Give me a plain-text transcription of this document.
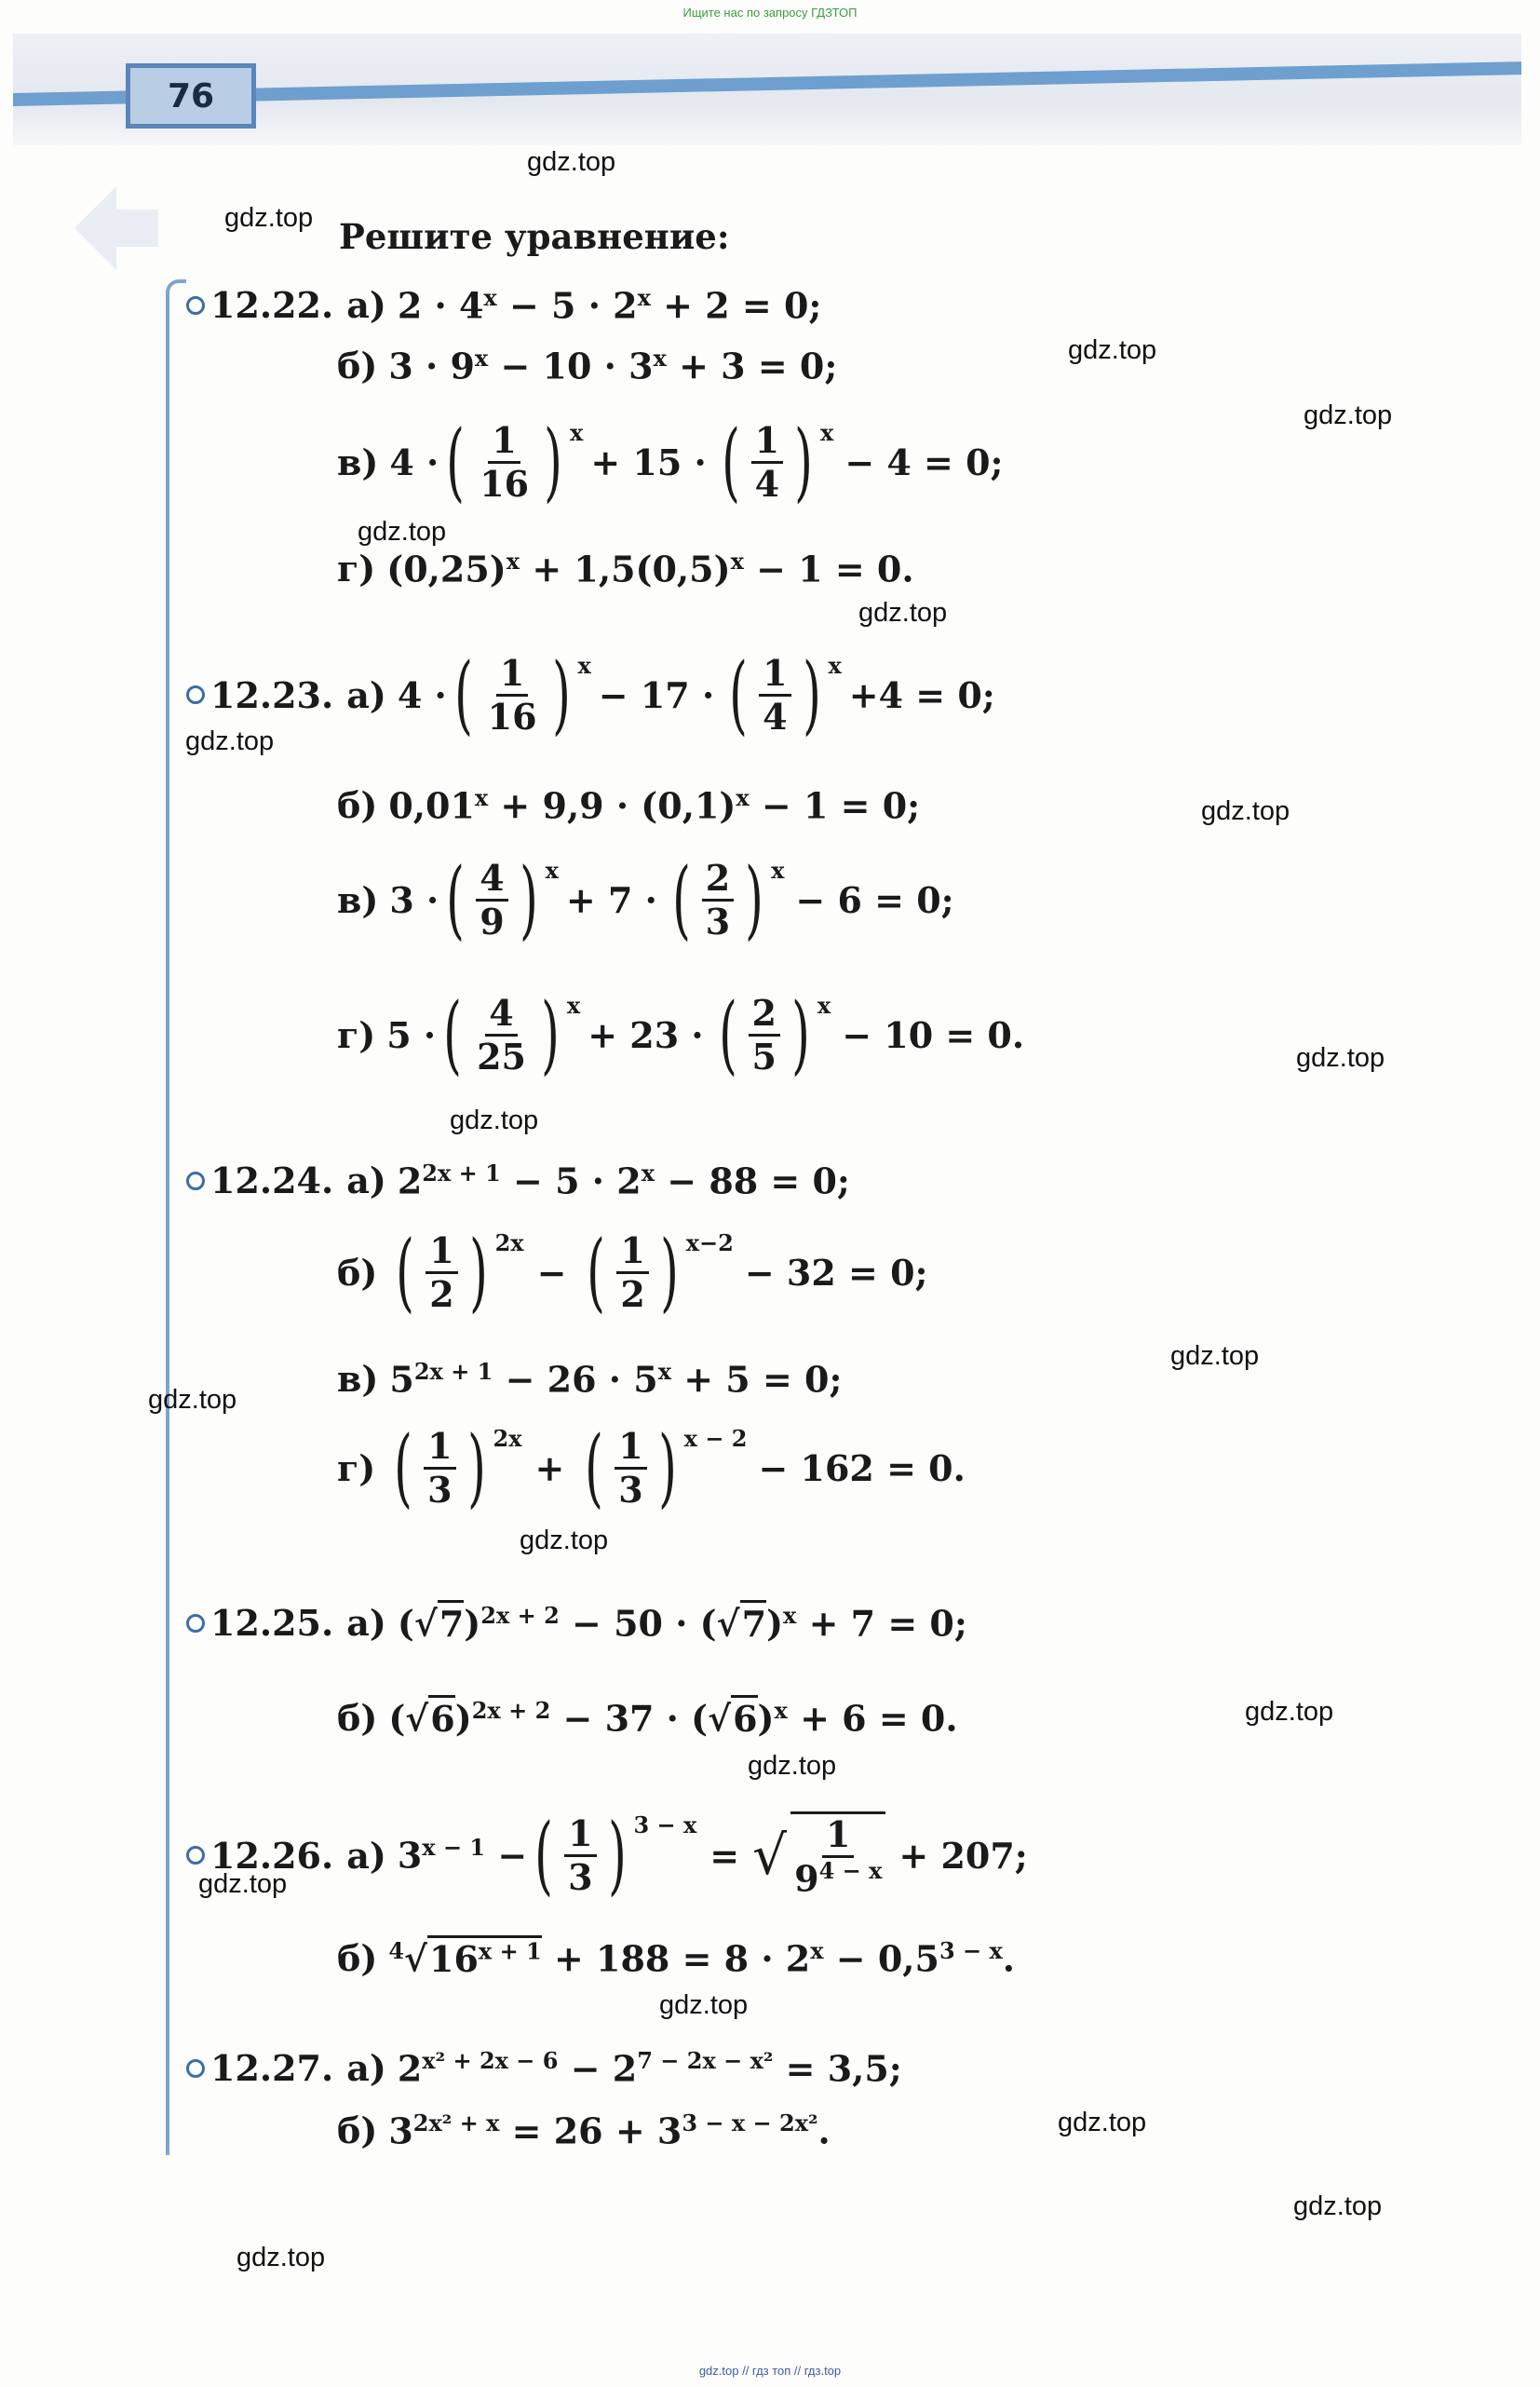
Ищите нас по запросу ГДЗТОП
76
Решите уравнение:
12.22. а) $2 \cdot 4^x - 5 \cdot 2^x + 2 = 0$;
б) $3 \cdot 9^x - 10 \cdot 3^x + 3 = 0$;
в) 4 · ( $\frac{1}{16}$ ) $^x$
+ 15 · ( $\frac{1}{4}$ ) $^x$
− 4 = 0;
г) $(0,25)^x + 1,5(0,5)^x - 1 = 0$.
12.23. а) 4 · ( $\frac{1}{16}$ ) $^x$
− 17 · ( $\frac{1}{4}$ ) $^x$
+4 = 0;
б) $0,01^x + 9,9 \cdot (0,1)^x - 1 = 0$;
в) 3 · ( $\frac{4}{9}$ ) $^x$
+ 7 · ( $\frac{2}{3}$ ) $^x$
− 6 = 0;
г) 5 · ( $\frac{4}{25}$ ) $^x$
+ 23 · ( $\frac{2}{5}$ ) $^x$
− 10 = 0.
12.24. а) $2^{2x + 1} - 5 \cdot 2^x - 88 = 0$;
б) ( $\frac{1}{2}$ ) $^{2x}$
− ( $\frac{1}{2}$ ) $^{x-2}$
− 32 = 0;
в) $5^{2x + 1} - 26 \cdot 5^x + 5 = 0$;
г) ( $\frac{1}{3}$ ) $^{2x}$
+ ( $\frac{1}{3}$ ) $^{x - 2}$
− 162 = 0.
12.25. а) $(√7)^{2x + 2} - 50 \cdot (√7)^x + 7 = 0$;
б) $(√6)^{2x + 2} - 37 \cdot (√6)^x + 6 = 0$.
12.26. а) $3^{x - 1}$ − ( $\frac{1}{3}$ ) $^{3 - x}$
= √ $\frac{1}{9^{4 - x}} + 207$;
б) $^4√16^{x + 1} + 188 = 8 \cdot 2^x - 0,5^{3 - x}$.
12.27. а) $2^{x^2 + 2x - 6} - 2^{7 - 2x - x^2} = 3,5$;
б) $3^{2x^2 + x} = 26 + 3^{3 - x - 2x^2}$.
gdz.top
gdz.top
gdz.top
gdz.top
gdz.top
gdz.top
gdz.top
gdz.top
gdz.top
gdz.top
gdz.top
gdz.top
gdz.top
gdz.top
gdz.top
gdz.top
gdz.top
gdz.top
gdz.top
gdz.top
gdz.top // гдз топ // гдз.top
